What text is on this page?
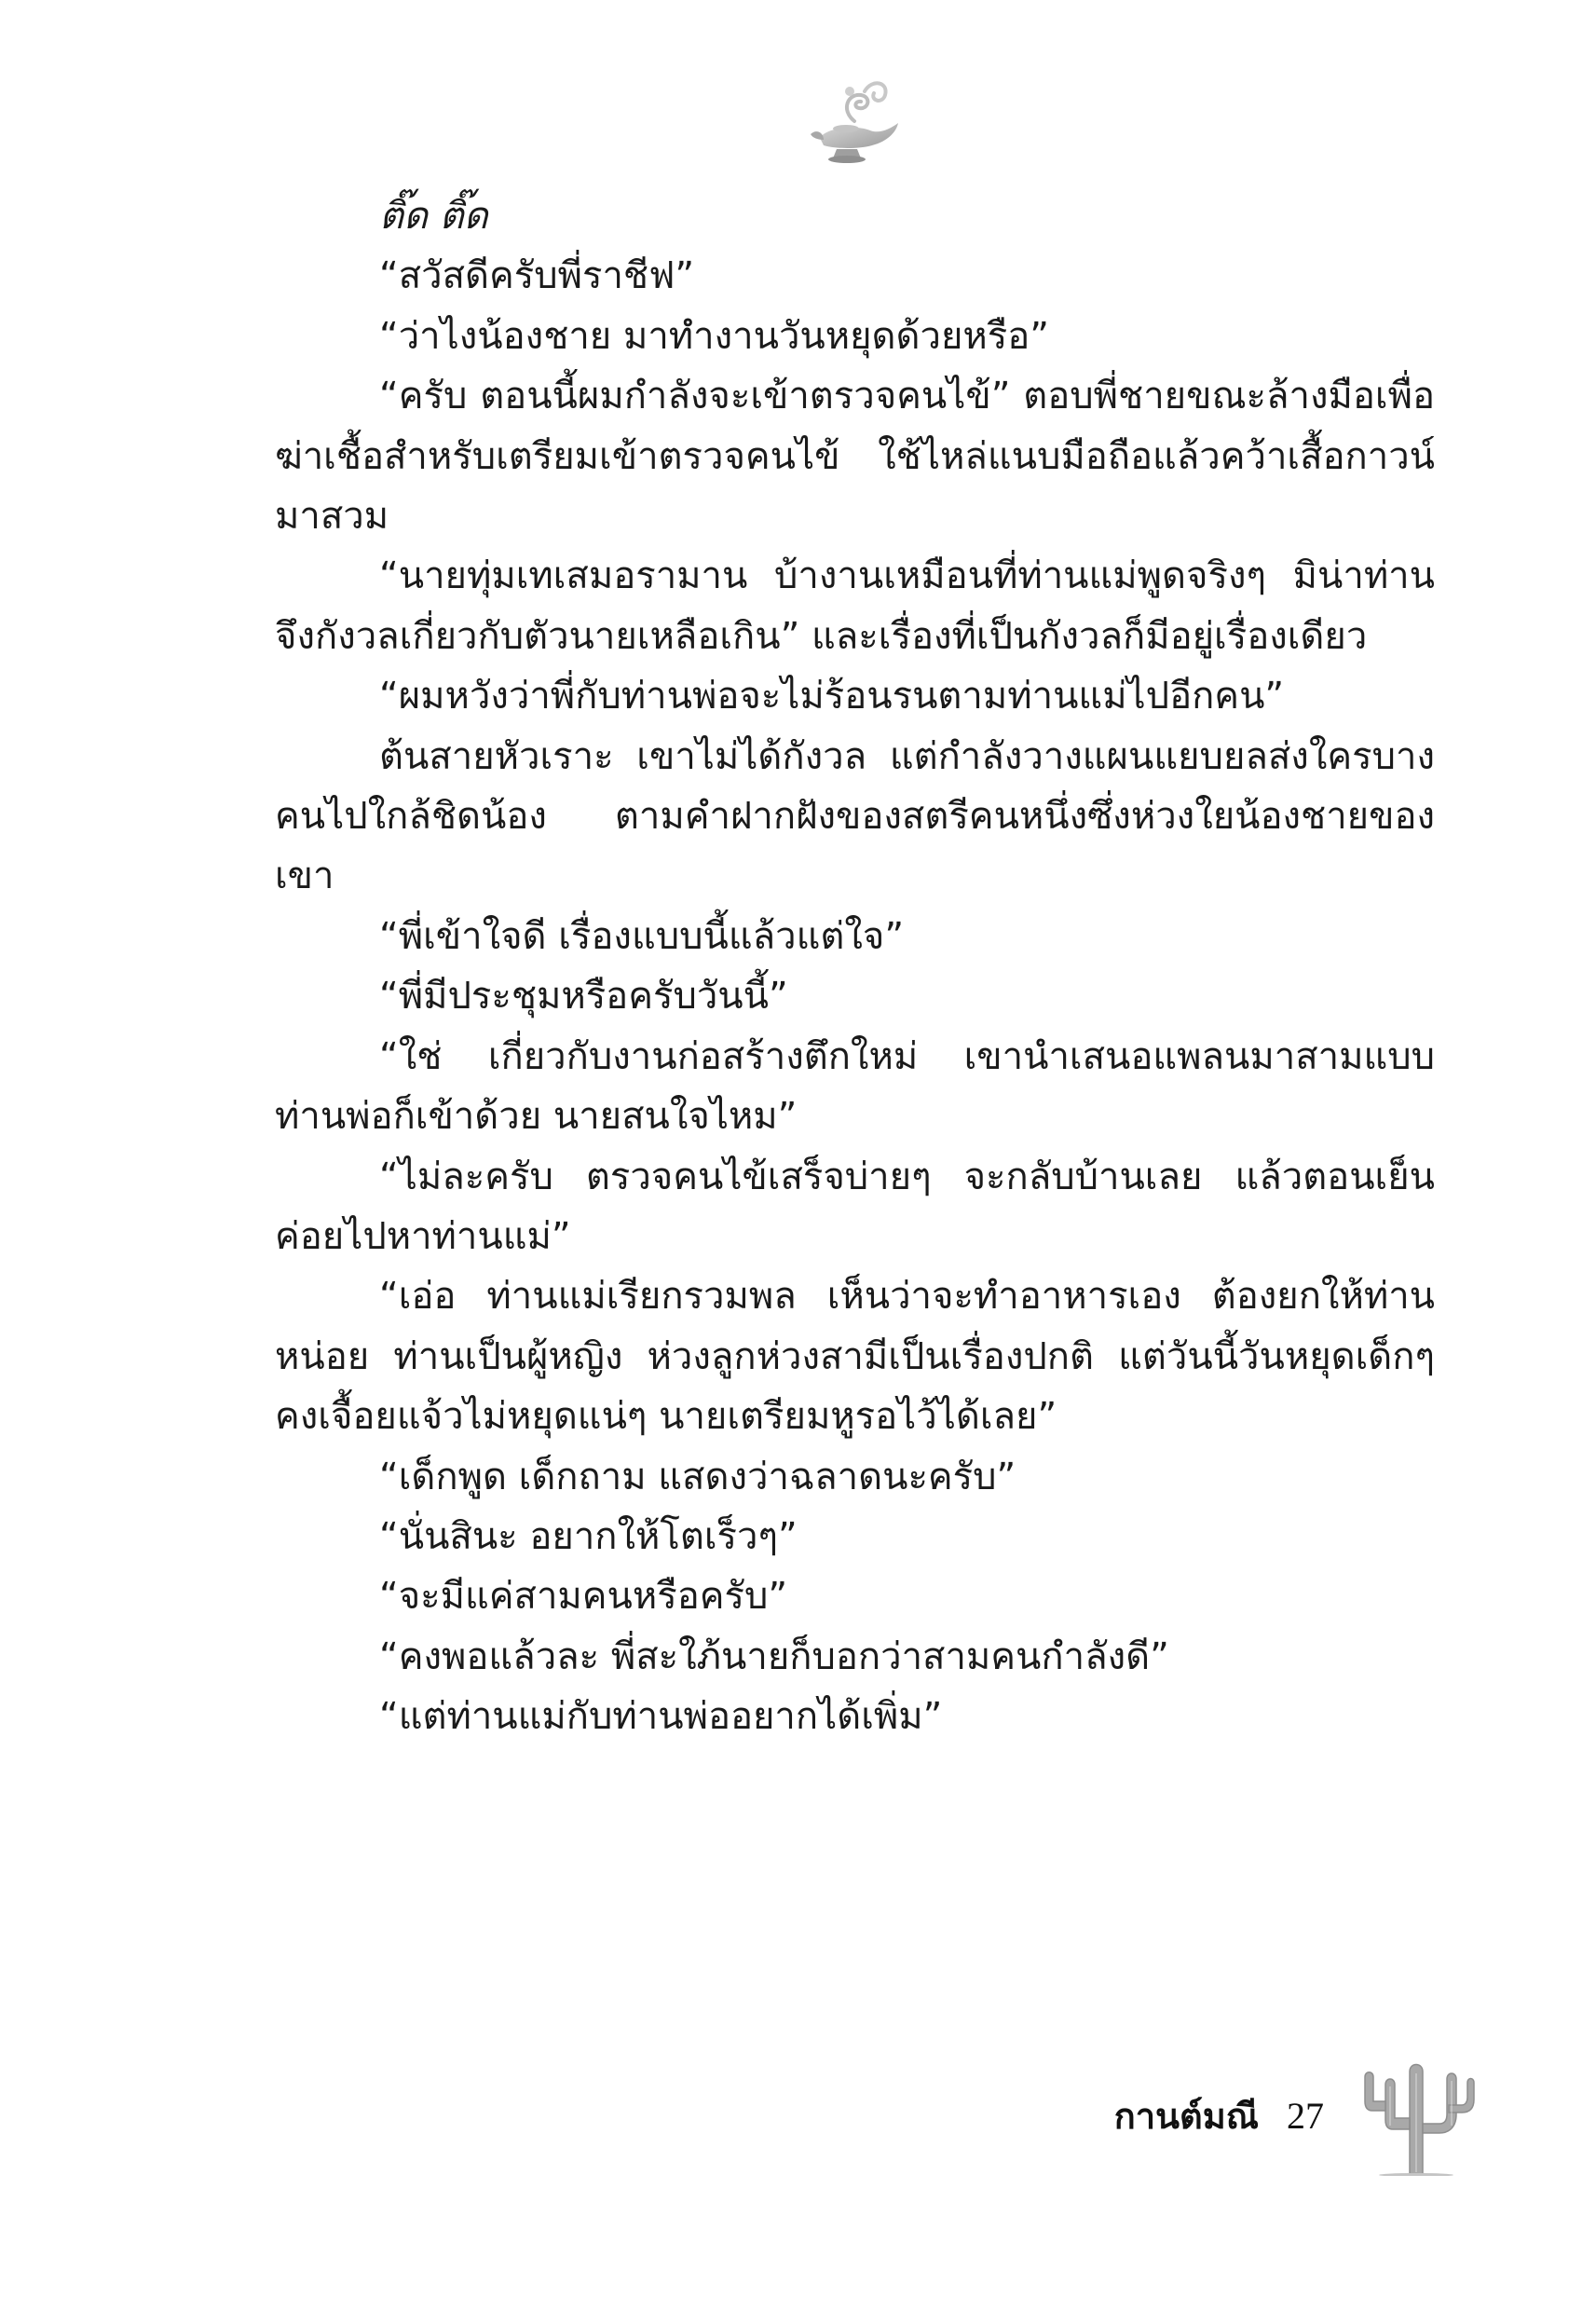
ติ๊ด ติ๊ด

“สวัสดีครับพี่ราชีฟ”

“ว่าไงน้องชาย มาทำงานวันหยุดด้วยหรือ”

“ครับ ตอนนี้ผมกำลังจะเข้าตรวจคนไข้” ตอบพี่ชายขณะล้างมือเพื่อฆ่าเชื้อสำหรับเตรียมเข้าตรวจคนไข้ ใช้ไหล่แนบมือถือแล้วคว้าเสื้อกาวน์มาสวม

“นายทุ่มเทเสมอรามาน บ้างานเหมือนที่ท่านแม่พูดจริงๆ มิน่าท่านจึงกังวลเกี่ยวกับตัวนายเหลือเกิน” และเรื่องที่เป็นกังวลก็มีอยู่เรื่องเดียว

“ผมหวังว่าพี่กับท่านพ่อจะไม่ร้อนรนตามท่านแม่ไปอีกคน”

ต้นสายหัวเราะ เขาไม่ได้กังวล แต่กำลังวางแผนแยบยลส่งใครบางคนไปใกล้ชิดน้อง ตามคำฝากฝังของสตรีคนหนึ่งซึ่งห่วงใยน้องชายของเขา

“พี่เข้าใจดี เรื่องแบบนี้แล้วแต่ใจ”

“พี่มีประชุมหรือครับวันนี้”

“ใช่ เกี่ยวกับงานก่อสร้างตึกใหม่ เขานำเสนอแพลนมาสามแบบท่านพ่อก็เข้าด้วย นายสนใจไหม”

“ไม่ละครับ ตรวจคนไข้เสร็จบ่ายๆ จะกลับบ้านเลย แล้วตอนเย็นค่อยไปหาท่านแม่”

“เอ่อ ท่านแม่เรียกรวมพล เห็นว่าจะทำอาหารเอง ต้องยกให้ท่านหน่อย ท่านเป็นผู้หญิง ห่วงลูกห่วงสามีเป็นเรื่องปกติ แต่วันนี้วันหยุดเด็กๆ คงเจื้อยแจ้วไม่หยุดแน่ๆ นายเตรียมหูรอไว้ได้เลย”

“เด็กพูด เด็กถาม แสดงว่าฉลาดนะครับ”

“นั่นสินะ อยากให้โตเร็วๆ”

“จะมีแค่สามคนหรือครับ”

“คงพอแล้วละ พี่สะใภ้นายก็บอกว่าสามคนกำลังดี”

“แต่ท่านแม่กับท่านพ่ออยากได้เพิ่ม”

กานต์มณี 27
